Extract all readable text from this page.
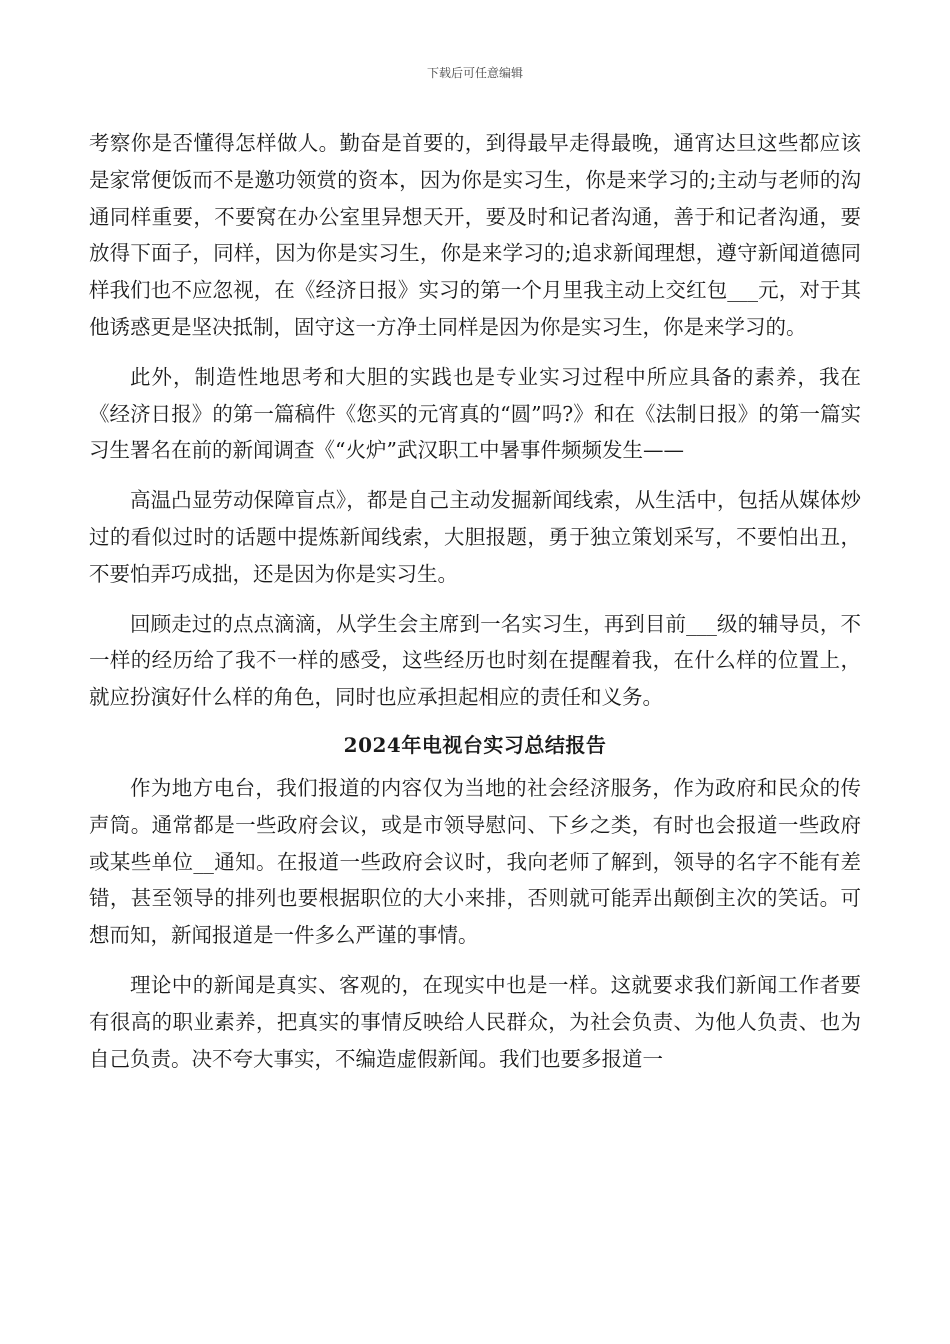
下载后可任意编辑

考察你是否懂得怎样做人。勤奋是首要的，到得最早走得最晚，通宵达旦这些都应该是家常便饭而不是邀功领赏的资本，因为你是实习生，你是来学习的;主动与老师的沟通同样重要，不要窝在办公室里异想天开，要及时和记者沟通，善于和记者沟通，要放得下面子，同样，因为你是实习生，你是来学习的;追求新闻理想，遵守新闻道德同样我们也不应忽视，在《经济日报》实习的第一个月里我主动上交红包___元，对于其他诱惑更是坚决抵制，固守这一方净土同样是因为你是实习生，你是来学习的。

此外，制造性地思考和大胆的实践也是专业实习过程中所应具备的素养，我在《经济日报》的第一篇稿件《您买的元宵真的“圆”吗?》和在《法制日报》的第一篇实习生署名在前的新闻调查《“火炉”武汉职工中暑事件频频发生——

高温凸显劳动保障盲点》，都是自己主动发掘新闻线索，从生活中，包括从媒体炒过的看似过时的话题中提炼新闻线索，大胆报题，勇于独立策划采写，不要怕出丑，不要怕弄巧成拙，还是因为你是实习生。

回顾走过的点点滴滴，从学生会主席到一名实习生，再到目前___级的辅导员，不一样的经历给了我不一样的感受，这些经历也时刻在提醒着我，在什么样的位置上，就应扮演好什么样的角色，同时也应承担起相应的责任和义务。

2024年电视台实习总结报告

作为地方电台，我们报道的内容仅为当地的社会经济服务，作为政府和民众的传声筒。通常都是一些政府会议，或是市领导慰问、下乡之类，有时也会报道一些政府或某些单位__通知。在报道一些政府会议时，我向老师了解到，领导的名字不能有差错，甚至领导的排列也要根据职位的大小来排，否则就可能弄出颠倒主次的笑话。可想而知，新闻报道是一件多么严谨的事情。

理论中的新闻是真实、客观的，在现实中也是一样。这就要求我们新闻工作者要有很高的职业素养，把真实的事情反映给人民群众，为社会负责、为他人负责、也为自己负责。决不夸大事实，不编造虚假新闻。我们也要多报道一
